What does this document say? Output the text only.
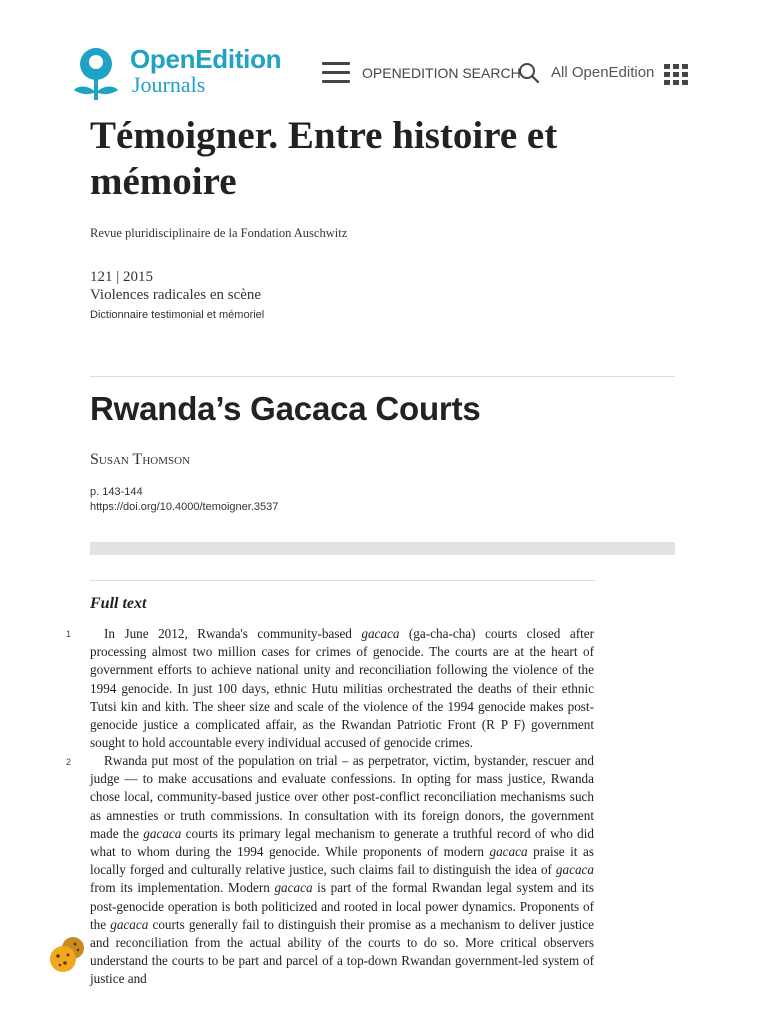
OpenEdition
Journals	OPENEDITION SEARCH All OpenEdition
Témoigner. Entre histoire et mémoire
Revue pluridisciplinaire de la Fondation Auschwitz
121 | 2015
Violences radicales en scène
Dictionnaire testimonial et mémoriel
Rwanda’s Gacaca Courts
Susan Thomson
p. 143-144
https://doi.org/10.4000/temoigner.3537
Full text
1	In June 2012, Rwanda's community-based gacaca (ga-cha-cha) courts closed after processing almost two million cases for crimes of genocide. The courts are at the heart of government efforts to achieve national unity and reconciliation following the violence of the 1994 genocide. In just 100 days, ethnic Hutu militias orchestrated the deaths of their ethnic Tutsi kin and kith. The sheer size and scale of the violence of the 1994 genocide makes post-genocide justice a complicated affair, as the Rwandan Patriotic Front (R P F) government sought to hold accountable every individual accused of genocide crimes.

2	Rwanda put most of the population on trial – as perpetrator, victim, bystander, rescuer and judge — to make accusations and evaluate confessions. In opting for mass justice, Rwanda chose local, community-based justice over other post-conflict reconciliation mechanisms such as amnesties or truth commissions. In consultation with its foreign donors, the government made the gacaca courts its primary legal mechanism to generate a truthful record of who did what to whom during the 1994 genocide. While proponents of modern gacaca praise it as locally forged and culturally relative justice, such claims fail to distinguish the idea of gacaca from its implementation. Modern gacaca is part of the formal Rwandan legal system and its post-genocide operation is both politicized and rooted in local power dynamics. Proponents of the gacaca courts generally fail to distinguish their promise as a mechanism to deliver justice and reconciliation from the actual ability of the courts to do so. More critical observers understand the courts to be part and parcel of a top-down Rwandan government-led system of justice and
